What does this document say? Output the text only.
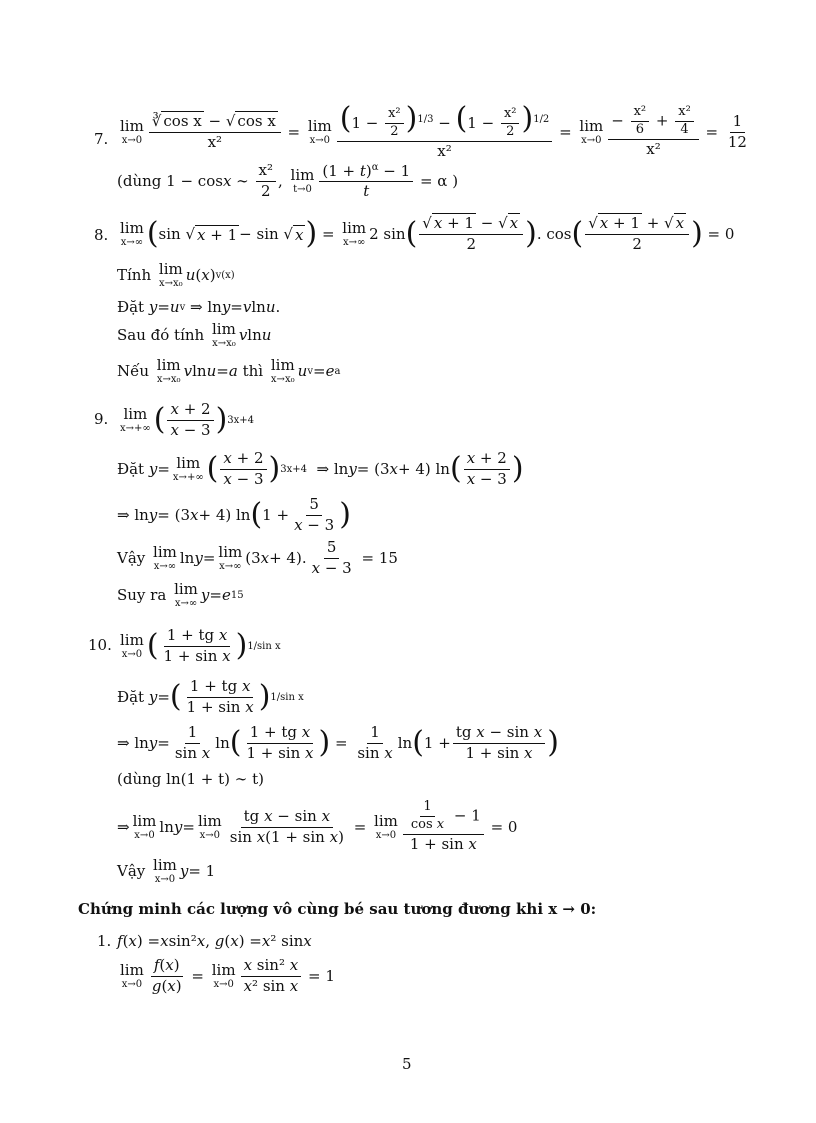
7.
lim
$x\to 0 \frac{\text{∛ cos x − √ cos x}}{\text{x²}} = \lim$
$x\to 0 \frac{(1 - \frac{\text{x²}}{2} )^{1/3} - (1 - \frac{\text{x²}}{2} )^{1/2}}{\text{x²}} = \lim$
$x\to 0 \frac{- \frac{\text{x²}}{6} + \frac{\text{x²}}{4}}{\text{x²}} = \frac{1}{12}$
(dùng 1 − cos x ∼
x²
2
, lim
t→0
$(1 + t)^\alpha - 1$
t
= α )
8. lim
x→∞ ( sin √ x + 1 − sin √ x ) = lim
x→∞ 2 sin ( √ x + 1 − √ x
2 ) . cos ( √ x + 1 + √ x
2 ) = 0
Tính
lim
x→x₀ u ( x ) v(x)
Đặt
y = u v ⇒ ln y = v ln u .
Sau đó tính
lim
x→x₀ v ln u
Nếu
lim
x→x₀ v ln u = a
thì
lim
x→x₀ u v = e a
9. lim
x→+∞ ( x + 2
x − 3 ) 3x+4
Đặt
y = lim
x→+∞ ( x + 2
x − 3 ) 3x+4 ⇒ ln y = (3 x + 4) ln ( x + 2
x − 3 )
⇒ ln y = (3 x + 4) ln ( 1 +
5
x − 3 )
Vậy
lim
x→∞ ln y = lim
x→∞ (3 x + 4).
5
x − 3
= 15
Suy ra
lim
x→∞ y = e 15
10. lim
x→0 ( 1 + tg x
1 + sin x ) 1/sin x
Đặt
y = ( 1 + tg x
1 + sin x ) 1/sin x
⇒ ln y =
1
sin x
ln ( 1 + tg x
1 + sin x ) =
1
sin x
ln ( 1 +
tg x − sin x
1 + sin x )
(dùng ln(1 + t) ∼ t)
⇒ lim
x→0 ln y = lim
x→0
tg x − sin x
sin x(1 + sin x)
= lim
x→0
$\frac{1}{\text{cos x}} - 1$
1 + sin x
= 0
Vậy
lim
x→0 y = 1
Chứng minh các lượng vô cùng bé sau tương đương khi x → 0:
1. f ( x ) = x sin² x , g ( x ) = x ² sin x
lim
x→0
f(x)
g(x)
= lim
x→0
x sin² x
x² sin x
= 1
5
